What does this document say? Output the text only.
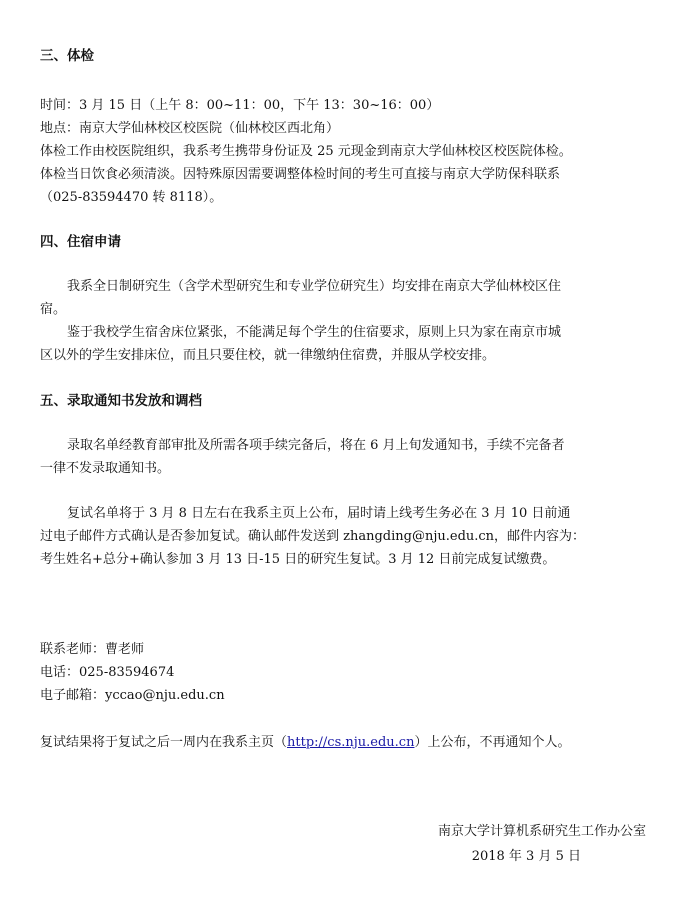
三、体检
时间：3 月 15 日（上午 8：00~11：00，下午 13：30~16：00）
地点：南京大学仙林校区校医院（仙林校区西北角）
体检工作由校医院组织，我系考生携带身份证及 25 元现金到南京大学仙林校区校医院体检。
体检当日饮食必须清淡。因特殊原因需要调整体检时间的考生可直接与南京大学防保科联系
（025-83594470 转 8118）。
四、住宿申请
我系全日制研究生（含学术型研究生和专业学位研究生）均安排在南京大学仙林校区住
宿。
鉴于我校学生宿舍床位紧张，不能满足每个学生的住宿要求，原则上只为家在南京市城
区以外的学生安排床位，而且只要住校，就一律缴纳住宿费，并服从学校安排。
五、录取通知书发放和调档
录取名单经教育部审批及所需各项手续完备后，将在 6 月上旬发通知书，手续不完备者
一律不发录取通知书。
复试名单将于 3 月 8 日左右在我系主页上公布，届时请上线考生务必在 3 月 10 日前通
过电子邮件方式确认是否参加复试。确认邮件发送到 zhangding@nju.edu.cn，邮件内容为：
考生姓名+总分+确认参加 3 月 13 日-15 日的研究生复试。3 月 12 日前完成复试缴费。
联系老师：曹老师
电话：025-83594674
电子邮箱：yccao@nju.edu.cn
复试结果将于复试之后一周内在我系主页（http://cs.nju.edu.cn）上公布，不再通知个人。
南京大学计算机系研究生工作办公室
2018 年 3 月 5 日
